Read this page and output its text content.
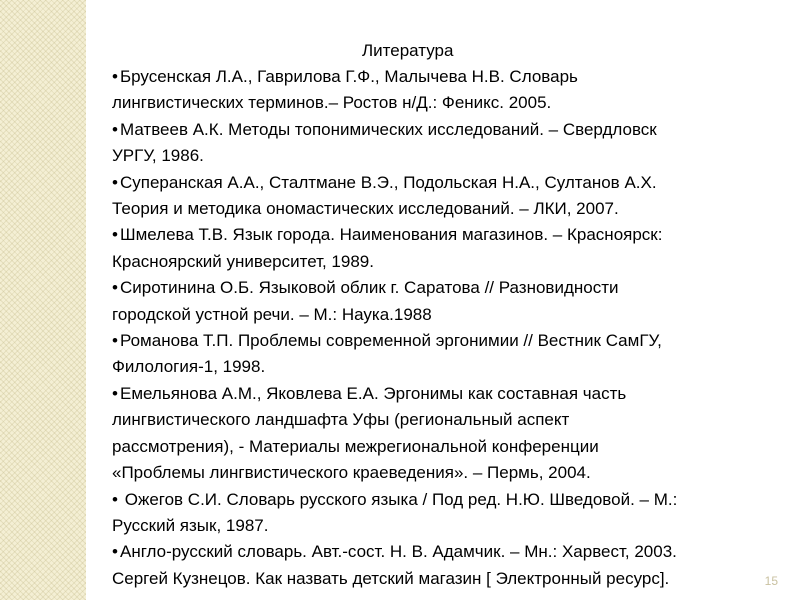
Литература
• Брусенская Л.А., Гаврилова Г.Ф., Малычева Н.В. Словарь
лингвистических терминов.– Ростов н/Д.: Феникс. 2005.
• Матвеев А.К. Методы топонимических исследований. – Свердловск
УРГУ, 1986.
• Суперанская А.А., Сталтмане В.Э., Подольская Н.А., Султанов А.Х.
Теория и методика ономастических исследований. – ЛКИ, 2007.
• Шмелева Т.В. Язык города. Наименования магазинов. – Красноярск:
Красноярский университет, 1989.
• Сиротинина О.Б. Языковой облик г. Саратова // Разновидности
городской устной речи. – М.: Наука.1988
• Романова Т.П. Проблемы современной эргонимии // Вестник СамГУ,
Филология-1, 1998.
• Емельянова А.М., Яковлева Е.А. Эргонимы как составная часть
лингвистического ландшафта Уфы (региональный аспект
рассмотрения), - Материалы межрегиональной конференции
«Проблемы лингвистического краеведения». – Пермь, 2004.
• Ожегов С.И. Словарь русского языка / Под ред. Н.Ю. Шведовой. – М.:
Русский язык, 1987.
• Англо-русский словарь. Авт.-сост. Н. В. Адамчик. – Мн.: Харвест, 2003.
Сергей Кузнецов. Как назвать детский магазин [ Электронный ресурс].	15
